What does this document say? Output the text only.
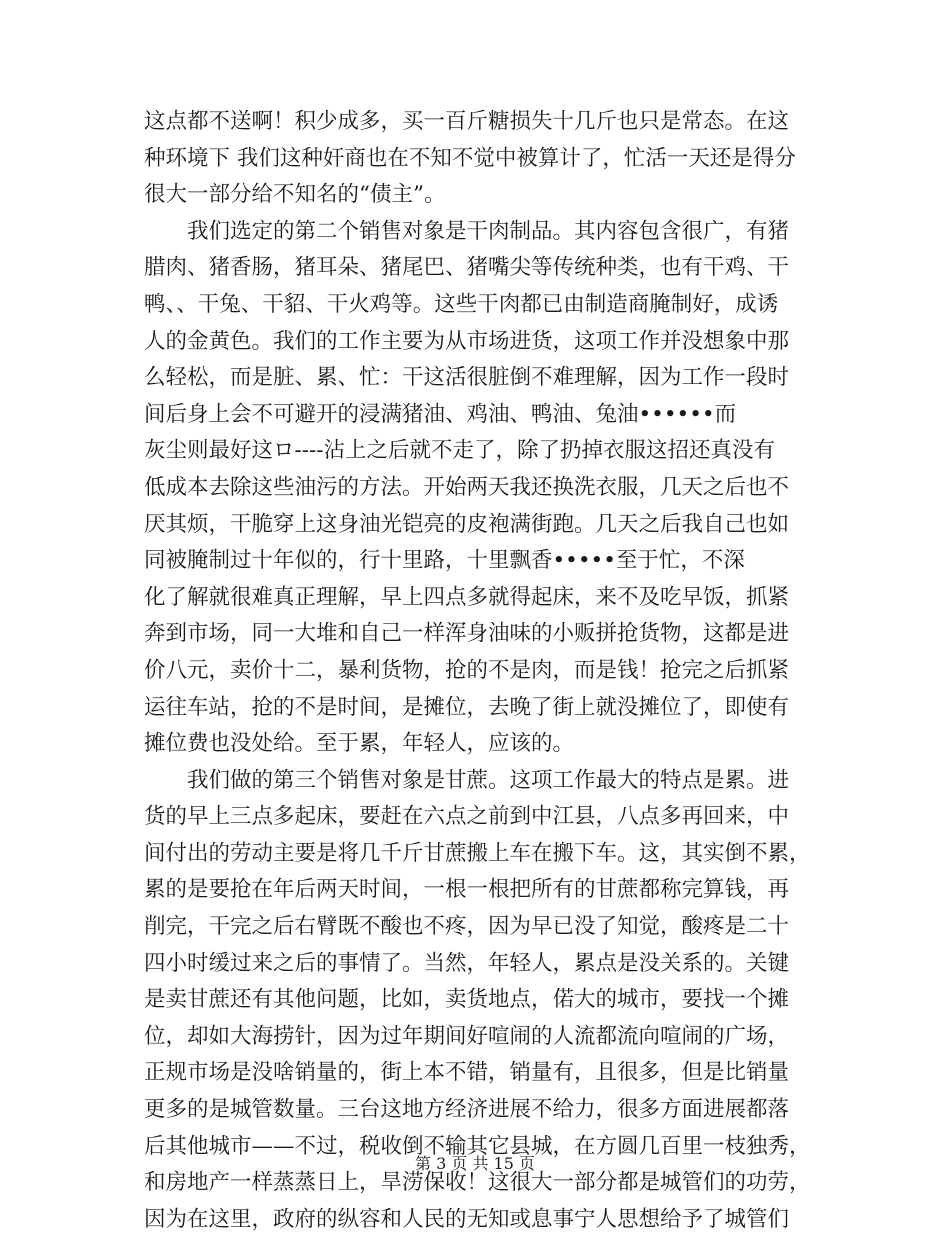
这点都不送啊！积少成多，买一百斤糖损失十几斤也只是常态。在这
种环境下 我们这种奸商也在不知不觉中被算计了，忙活一天还是得分
很大一部分给不知名的“债主”。
　　我们选定的第二个销售对象是干肉制品。其内容包含很广，有猪
腊肉、猪香肠，猪耳朵、猪尾巴、猪嘴尖等传统种类，也有干鸡、干
鸭、、干兔、干貂、干火鸡等。这些干肉都已由制造商腌制好，成诱
人的金黄色。我们的工作主要为从市场进货，这项工作并没想象中那
么轻松，而是脏、累、忙：干这活很脏倒不难理解，因为工作一段时
间后身上会不可避开的浸满猪油、鸡油、鸭油、兔油••••••而
灰尘则最好这ロ----沾上之后就不走了，除了扔掉衣服这招还真没有
低成本去除这些油污的方法。开始两天我还换洗衣服，几天之后也不
厌其烦，干脆穿上这身油光铠亮的皮袍满街跑。几天之后我自己也如
同被腌制过十年似的，行十里路，十里飘香•••••至于忙，不深
化了解就很难真正理解，早上四点多就得起床，来不及吃早饭，抓紧
奔到市场，同一大堆和自己一样浑身油味的小贩拼抢货物，这都是进
价八元，卖价十二，暴利货物，抢的不是肉，而是钱！抢完之后抓紧
运往车站，抢的不是时间，是摊位，去晚了街上就没摊位了，即使有
摊位费也没处给。至于累，年轻人，应该的。
　　我们做的第三个销售对象是甘蔗。这项工作最大的特点是累。进
货的早上三点多起床，要赶在六点之前到中江县，八点多再回来，中
间付出的劳动主要是将几千斤甘蔗搬上车在搬下车。这，其实倒不累，
累的是要抢在年后两天时间，一根一根把所有的甘蔗都称完算钱，再
削完，干完之后右臂既不酸也不疼，因为早已没了知觉，酸疼是二十
四小时缓过来之后的事情了。当然，年轻人，累点是没关系的。关键
是卖甘蔗还有其他问题，比如，卖货地点，偌大的城市，要找一个摊
位，却如大海捞针，因为过年期间好喧闹的人流都流向喧闹的广场，
正规市场是没啥销量的，街上本不错，销量有，且很多，但是比销量
更多的是城管数量。三台这地方经济进展不给力，很多方面进展都落
后其他城市——不过，税收倒不输其它县城，在方圆几百里一枝独秀，
和房地产一样蒸蒸日上，旱涝保收！这很大一部分都是城管们的功劳，
因为在这里，政府的纵容和人民的无知或息事宁人思想给予了城管们
第 3 页 共 15 页
